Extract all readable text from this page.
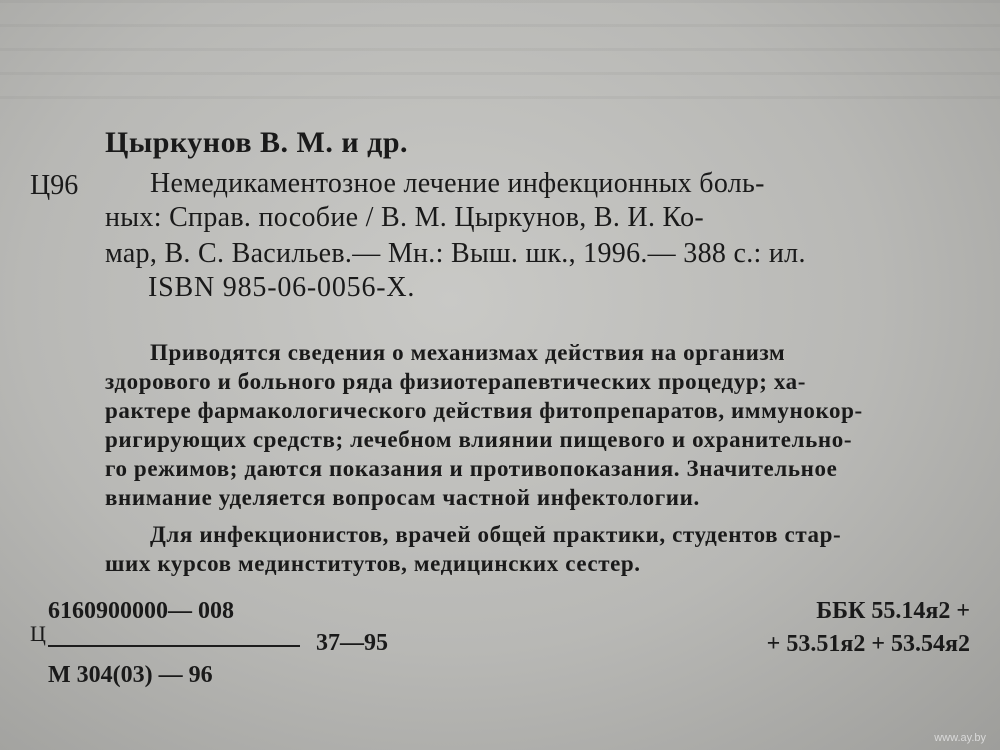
Цыркунов В. М. и др.
Ц96	Немедикаментозное лечение инфекционных боль-
ных: Справ. пособие / В. М. Цыркунов, В. И. Ко-
мар, В. С. Васильев.— Мн.: Выш. шк., 1996.— 388 с.: ил.
ISBN 985-06-0056-X.
Приводятся сведения о механизмах действия на организм
здорового и больного ряда физиотерапевтических процедур; ха-
рактере фармакологического действия фитопрепаратов, иммунокор-
ригирующих средств; лечебном влиянии пищевого и охранительно-
го режимов; даются показания и противопоказания. Значительное
внимание уделяется вопросам частной инфектологии.
Для инфекционистов, врачей общей практики, студентов стар-
ших курсов мединститутов, медицинских сестер.
6160900000— 008
Ц	37—95
М 304(03) — 96
ББК 55.14я2 +
+ 53.51я2 + 53.54я2
www.ay.by
